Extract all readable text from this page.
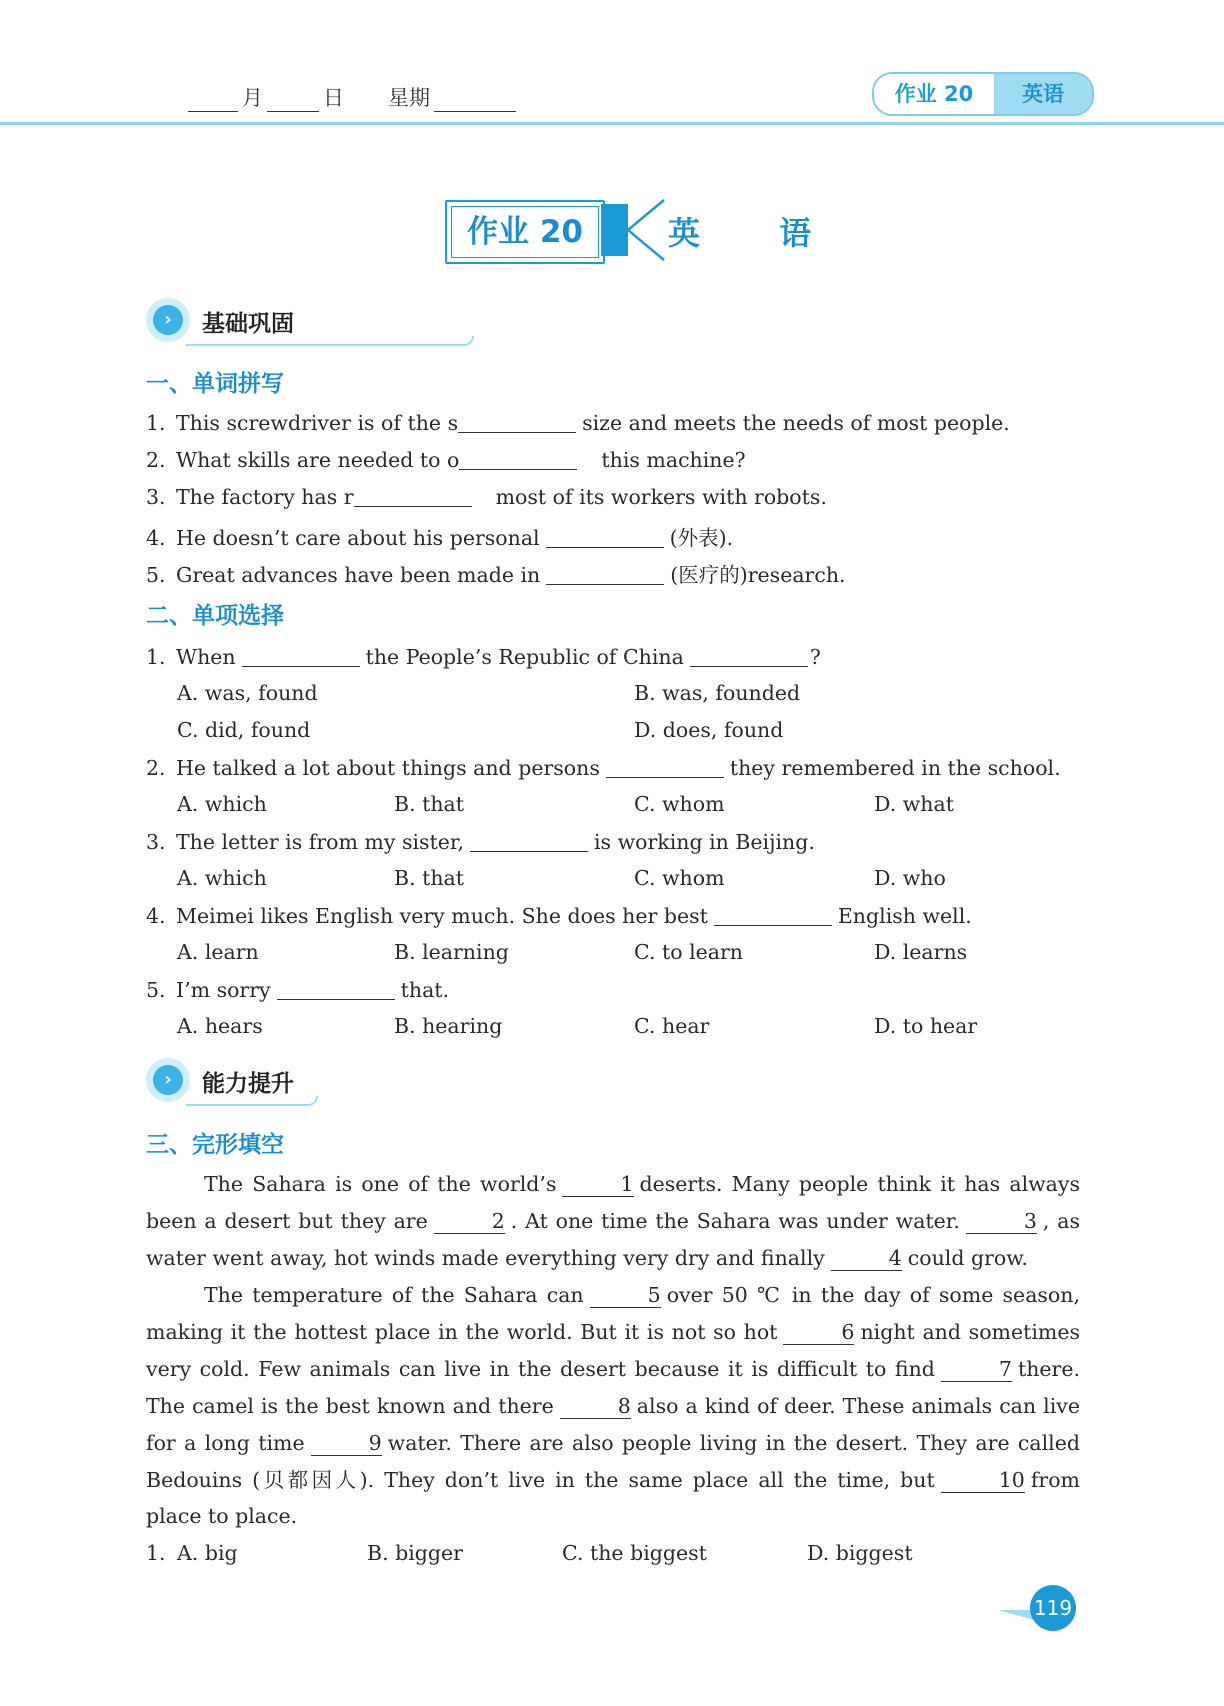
月	日 星期	作业 20	英语
作业 20	英 语
›	基础巩固
一、单词拼写
1. This screwdriver is of the s	size and meets the needs of most people.
2. What skills are needed to o	this machine?
3. The factory has r	most of its workers with robots.
4. He doesn’t care about his personal	(外表).
5. Great advances have been made in	(医疗的)research.
二、单项选择
1. When	the People’s Republic of China	?
A. was, found	B. was, founded
C. did, found	D. does, found
2. He talked a lot about things and persons	they remembered in the school.
A. which	B. that	C. whom	D. what
3. The letter is from my sister,	is working in Beijing.
A. which	B. that	C. whom	D. who
4. Meimei likes English very much. She does her best	English well.
A. learn	B. learning	C. to learn	D. learns
5. I’m sorry	that.
A. hears	B. hearing	C. hear	D. to hear
›	能力提升
三、完形填空
The Sahara is one of the world’s	1 deserts. Many people think it has always been a desert but they are	2 . At one time the Sahara was under water.	3 , as water went away, hot winds made everything very dry and finally	4 could grow.
The temperature of the Sahara can	5 over 50 ℃ in the day of some season, making it the hottest place in the world. But it is not so hot	6 night and sometimes very cold. Few animals can live in the desert because it is difficult to find	7 there. The camel is the best known and there	8 also a kind of deer. These animals can live for a long time	9 water. There are also people living in the desert. They are called Bedouins (贝都因人). They don’t live in the same place all the time, but	10 from place to place.
1. A. big	B. bigger	C. the biggest	D. biggest
119
